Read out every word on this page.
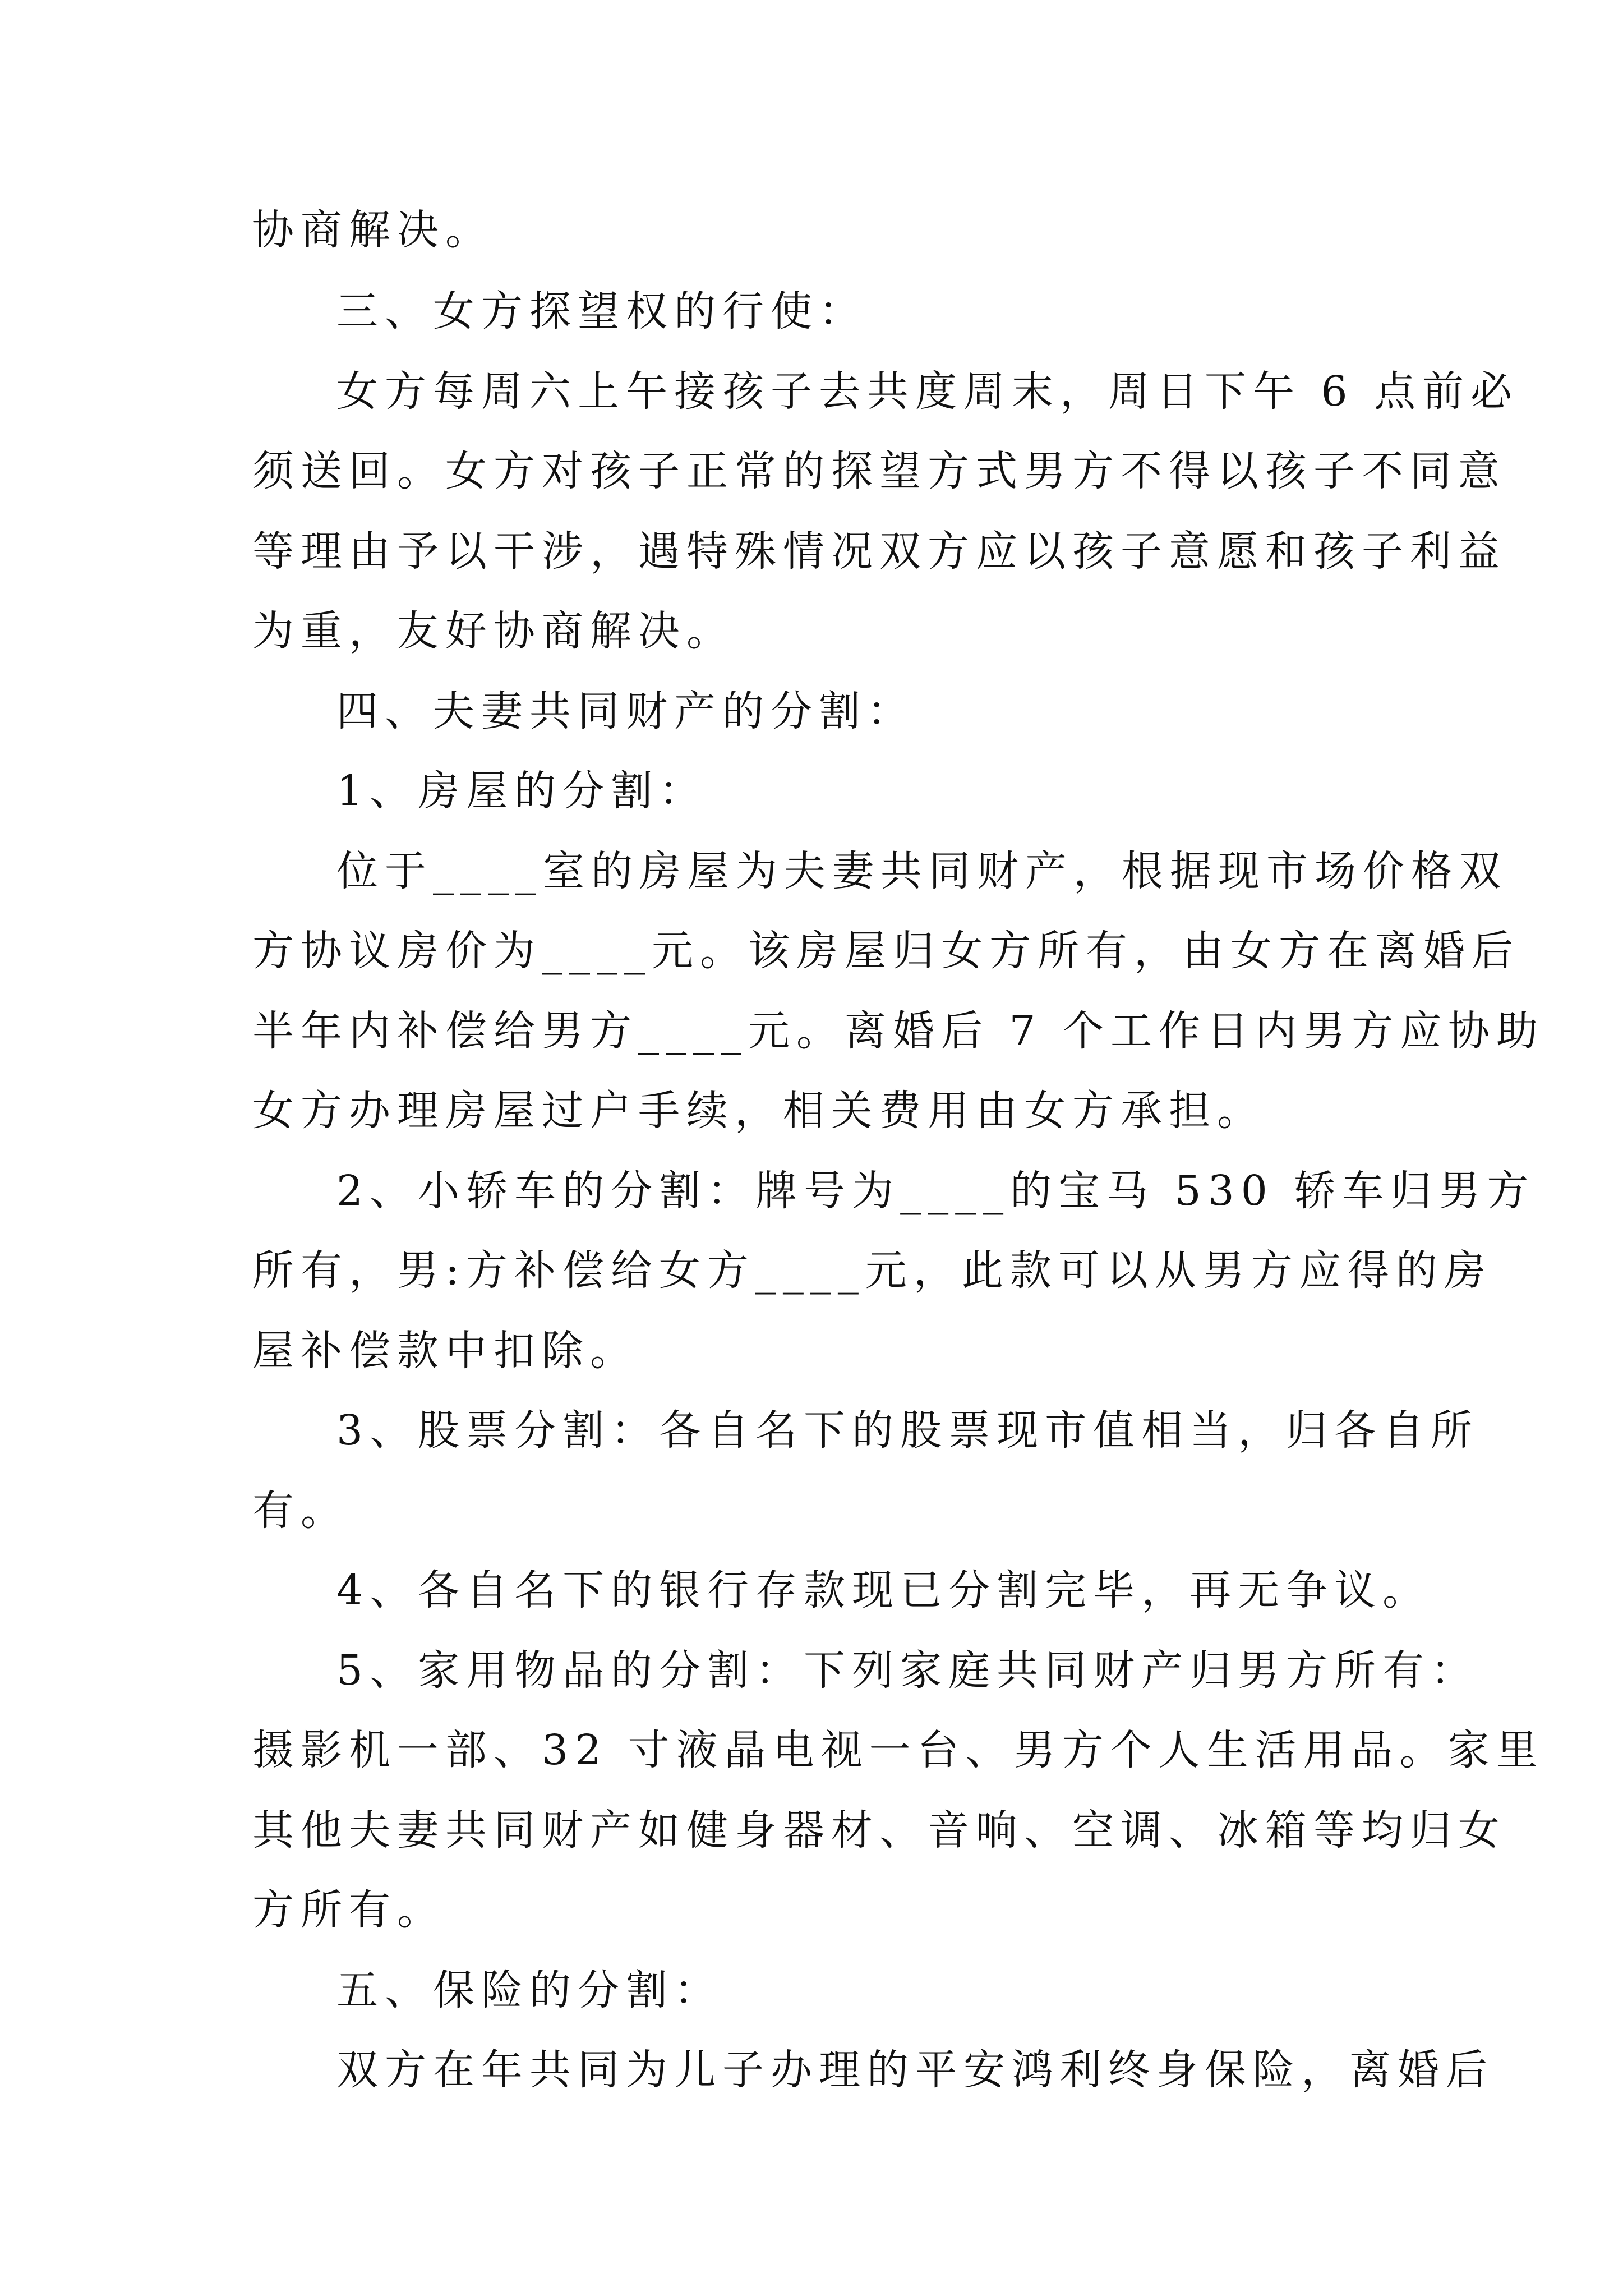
协商解决。
三、女方探望权的行使：
女方每周六上午接孩子去共度周末，周日下午 6 点前必
须送回。女方对孩子正常的探望方式男方不得以孩子不同意
等理由予以干涉，遇特殊情况双方应以孩子意愿和孩子利益
为重，友好协商解决。
四、夫妻共同财产的分割：
1、房屋的分割：
位于____室的房屋为夫妻共同财产，根据现市场价格双
方协议房价为____元。该房屋归女方所有，由女方在离婚后
半年内补偿给男方____元。离婚后 7 个工作日内男方应协助
女方办理房屋过户手续，相关费用由女方承担。
2、小轿车的分割：牌号为____的宝马 530 轿车归男方
所有，男:方补偿给女方____元，此款可以从男方应得的房
屋补偿款中扣除。
3、股票分割：各自名下的股票现市值相当，归各自所
有。
4、各自名下的银行存款现已分割完毕，再无争议。
5、家用物品的分割：下列家庭共同财产归男方所有：
摄影机一部、32 寸液晶电视一台、男方个人生活用品。家里
其他夫妻共同财产如健身器材、音响、空调、冰箱等均归女
方所有。
五、保险的分割：
双方在年共同为儿子办理的平安鸿利终身保险，离婚后
